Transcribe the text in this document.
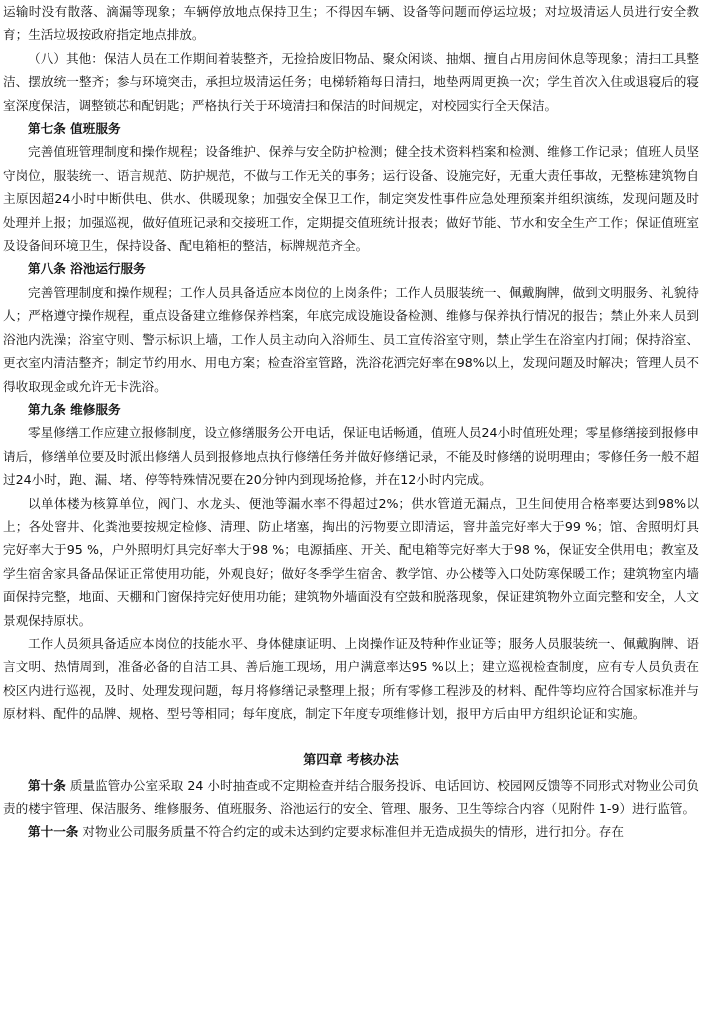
运输时没有散落、滴漏等现象；车辆停放地点保持卫生；不得因车辆、设备等问题而停运垃圾；对垃圾清运人员进行安全教育；生活垃圾按政府指定地点排放。

（八）其他：保洁人员在工作期间着装整齐，无捡拾废旧物品、聚众闲谈、抽烟、擅自占用房间休息等现象；清扫工具整洁、摆放统一整齐；参与环境突击，承担垃圾清运任务；电梯轿箱每日清扫，地垫两周更换一次；学生首次入住或退寝后的寝室深度保洁，调整锁芯和配钥匙；严格执行关于环境清扫和保洁的时间规定，对校园实行全天保洁。

第七条 值班服务

完善值班管理制度和操作规程；设备维护、保养与安全防护检测；健全技术资料档案和检测、维修工作记录；值班人员坚守岗位，服装统一、语言规范、防护规范，不做与工作无关的事务；运行设备、设施完好，无重大责任事故，无整栋建筑物自主原因超24小时中断供电、供水、供暖现象；加强安全保卫工作，制定突发性事件应急处理预案并组织演练，发现问题及时处理并上报；加强巡视，做好值班记录和交接班工作，定期提交值班统计报表；做好节能、节水和安全生产工作；保证值班室及设备间环境卫生，保持设备、配电箱柜的整洁，标牌规范齐全。

第八条 浴池运行服务

完善管理制度和操作规程；工作人员具备适应本岗位的上岗条件；工作人员服装统一、佩戴胸牌，做到文明服务、礼貌待人；严格遵守操作规程，重点设备建立维修保养档案，年底完成设施设备检测、维修与保养执行情况的报告；禁止外来人员到浴池内洗澡；浴室守则、警示标识上墙，工作人员主动向入浴师生、员工宣传浴室守则，禁止学生在浴室内打闹；保持浴室、更衣室内清洁整齐；制定节约用水、用电方案；检查浴室管路，洗浴花洒完好率在98%以上，发现问题及时解决；管理人员不得收取现金或允许无卡洗浴。

第九条 维修服务

零星修缮工作应建立报修制度，设立修缮服务公开电话，保证电话畅通，值班人员24小时值班处理；零星修缮接到报修申请后，修缮单位要及时派出修缮人员到报修地点执行修缮任务并做好修缮记录，不能及时修缮的说明理由；零修任务一般不超过24小时，跑、漏、堵、停等特殊情况要在20分钟内到现场抢修，并在12小时内完成。

以单体楼为核算单位，阀门、水龙头、便池等漏水率不得超过2%；供水管道无漏点，卫生间使用合格率要达到98%以上；各处窨井、化粪池要按规定检修、清理、防止堵塞，掏出的污物要立即清运，窨井盖完好率大于99 %；馆、舍照明灯具完好率大于95 %，户外照明灯具完好率大于98 %；电源插座、开关、配电箱等完好率大于98 %，保证安全供用电；教室及学生宿舍家具备品保证正常使用功能，外观良好；做好冬季学生宿舍、教学馆、办公楼等入口处防寒保暖工作；建筑物室内墙面保持完整，地面、天棚和门窗保持完好使用功能；建筑物外墙面没有空鼓和脱落现象，保证建筑物外立面完整和安全，人文景观保持原状。

工作人员须具备适应本岗位的技能水平、身体健康证明、上岗操作证及特种作业证等；服务人员服装统一、佩戴胸牌、语言文明、热情周到，准备必备的自洁工具、善后施工现场，用户满意率达95 %以上；建立巡视检查制度，应有专人员负责在校区内进行巡视，及时、处理发现问题，每月将修缮记录整理上报；所有零修工程涉及的材料、配件等均应符合国家标准并与原材料、配件的品牌、规格、型号等相同；每年度底，制定下年度专项维修计划，报甲方后由甲方组织论证和实施。

第四章 考核办法

第十条 质量监管办公室采取 24 小时抽查或不定期检查并结合服务投诉、电话回访、校园网反馈等不同形式对物业公司负责的楼宇管理、保洁服务、维修服务、值班服务、浴池运行的安全、管理、服务、卫生等综合内容（见附件 1-9）进行监管。

第十一条 对物业公司服务质量不符合约定的或未达到约定要求标准但并无造成损失的情形，进行扣分。存在
